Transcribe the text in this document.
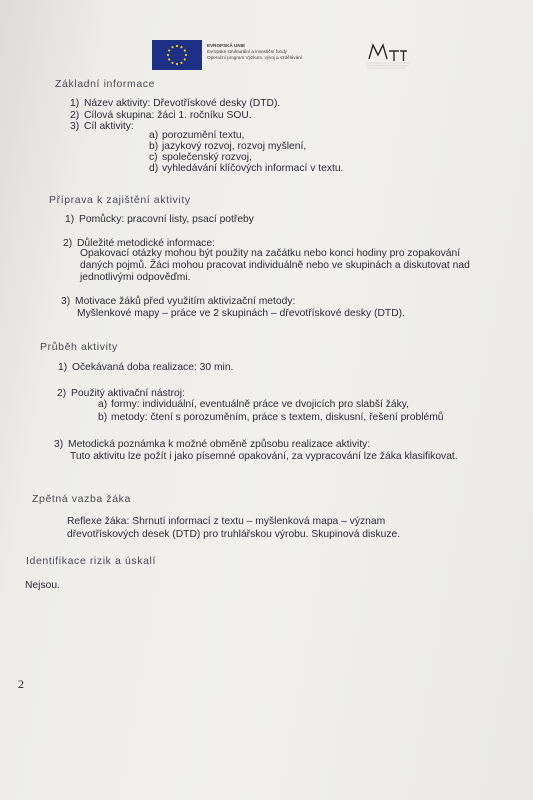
EVROPSKÁ UNIE
Evropské strukturální a investiční fondy
Operační program Výzkum, vývoj a vzdělávání
Základní informace
1) Název aktivity: Dřevotřískové desky (DTD).
2) Cílová skupina: žáci 1. ročníku SOU.
3) Cíl aktivity:
a) porozumění textu,
b) jazykový rozvoj, rozvoj myšlení,
c) společenský rozvoj,
d) vyhledávání klíčových informací v textu.
Příprava k zajištění aktivity
1) Pomůcky: pracovní listy, psací potřeby
2) Důležité metodické informace:
Opakovací otázky mohou být použity na začátku nebo konci hodiny pro zopakování
daných pojmů. Žáci mohou pracovat individuálně nebo ve skupinách a diskutovat nad
jednotlivými odpověďmi.
3) Motivace žáků před využitím aktivizační metody:
Myšlenkové mapy – práce ve 2 skupinách – dřevotřískové desky (DTD).
Průběh aktivity
1) Očekávaná doba realizace: 30 min.
2) Použitý aktivační nástroj:
a) formy: individuální, eventuálně práce ve dvojicích pro slabší žáky,
b) metody: čtení s porozuměním, práce s textem, diskusní, řešení problémů
3) Metodická poznámka k možné obměně způsobu realizace aktivity:
Tuto aktivitu lze požít i jako písemné opakování, za vypracování lze žáka klasifikovat.
Zpětná vazba žáka
Reflexe žáka: Shrnutí informací z textu – myšlenková mapa – význam
dřevotřískových desek (DTD) pro truhlářskou výrobu. Skupinová diskuze.
Identifikace rizik a úskalí
Nejsou.
2
